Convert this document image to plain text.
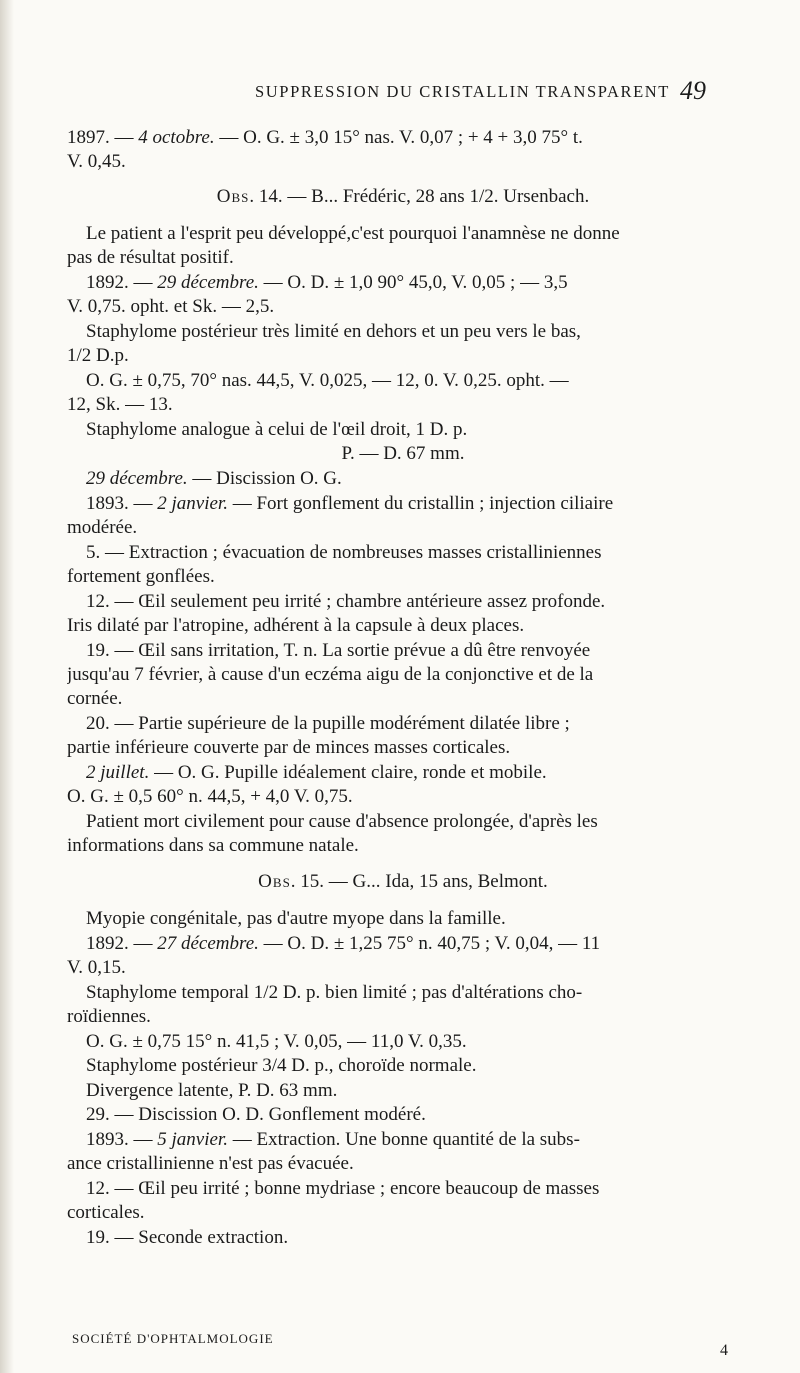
SUPPRESSION DU CRISTALLIN TRANSPARENT 49
1897. — 4 octobre. — O. G. ± 3,0 15° nas. V. 0,07 ; + 4 + 3,0 75° t.
V. 0,45.
Obs. 14. — B... Frédéric, 28 ans 1/2. Ursenbach.
 Le patient a l'esprit peu développé,c'est pourquoi l'anamnèse ne donne
pas de résultat positif.
 1892. — 29 décembre. — O. D. ± 1,0 90° 45,0, V. 0,05 ; — 3,5
V. 0,75. opht. et Sk. — 2,5.
 Staphylome postérieur très limité en dehors et un peu vers le bas,
1/2 D.p.
 O. G. ± 0,75, 70° nas. 44,5, V. 0,025, — 12, 0. V. 0,25. opht. —
12, Sk. — 13.
 Staphylome analogue à celui de l'œil droit, 1 D. p.
P. — D. 67 mm.
 29 décembre. — Discission O. G.
 1893. — 2 janvier. — Fort gonflement du cristallin ; injection ciliaire
modérée.
 5. — Extraction ; évacuation de nombreuses masses cristalliniennes
fortement gonflées.
 12. — Œil seulement peu irrité ; chambre antérieure assez profonde.
Iris dilaté par l'atropine, adhérent à la capsule à deux places.
 19. — Œil sans irritation, T. n. La sortie prévue a dû être renvoyée
jusqu'au 7 février, à cause d'un eczéma aigu de la conjonctive et de la
cornée.
 20. — Partie supérieure de la pupille modérément dilatée libre ;
partie inférieure couverte par de minces masses corticales.
 2 juillet. — O. G. Pupille idéalement claire, ronde et mobile.
O. G. ± 0,5 60° n. 44,5, + 4,0 V. 0,75.
 Patient mort civilement pour cause d'absence prolongée, d'après les
informations dans sa commune natale.
Obs. 15. — G... Ida, 15 ans, Belmont.
 Myopie congénitale, pas d'autre myope dans la famille.
 1892. — 27 décembre. — O. D. ± 1,25 75° n. 40,75 ; V. 0,04, — 11
V. 0,15.
 Staphylome temporal 1/2 D. p. bien limité ; pas d'altérations cho-
roïdiennes.
 O. G. ± 0,75 15° n. 41,5 ; V. 0,05, — 11,0 V. 0,35.
 Staphylome postérieur 3/4 D. p., choroïde normale.
 Divergence latente, P. D. 63 mm.
 29. — Discission O. D. Gonflement modéré.
 1893. — 5 janvier. — Extraction. Une bonne quantité de la subs-
ance cristallinienne n'est pas évacuée.
 12. — Œil peu irrité ; bonne mydriase ; encore beaucoup de masses
corticales.
 19. — Seconde extraction.
SOCIÉTÉ D'OPHTALMOLOGIE
4
